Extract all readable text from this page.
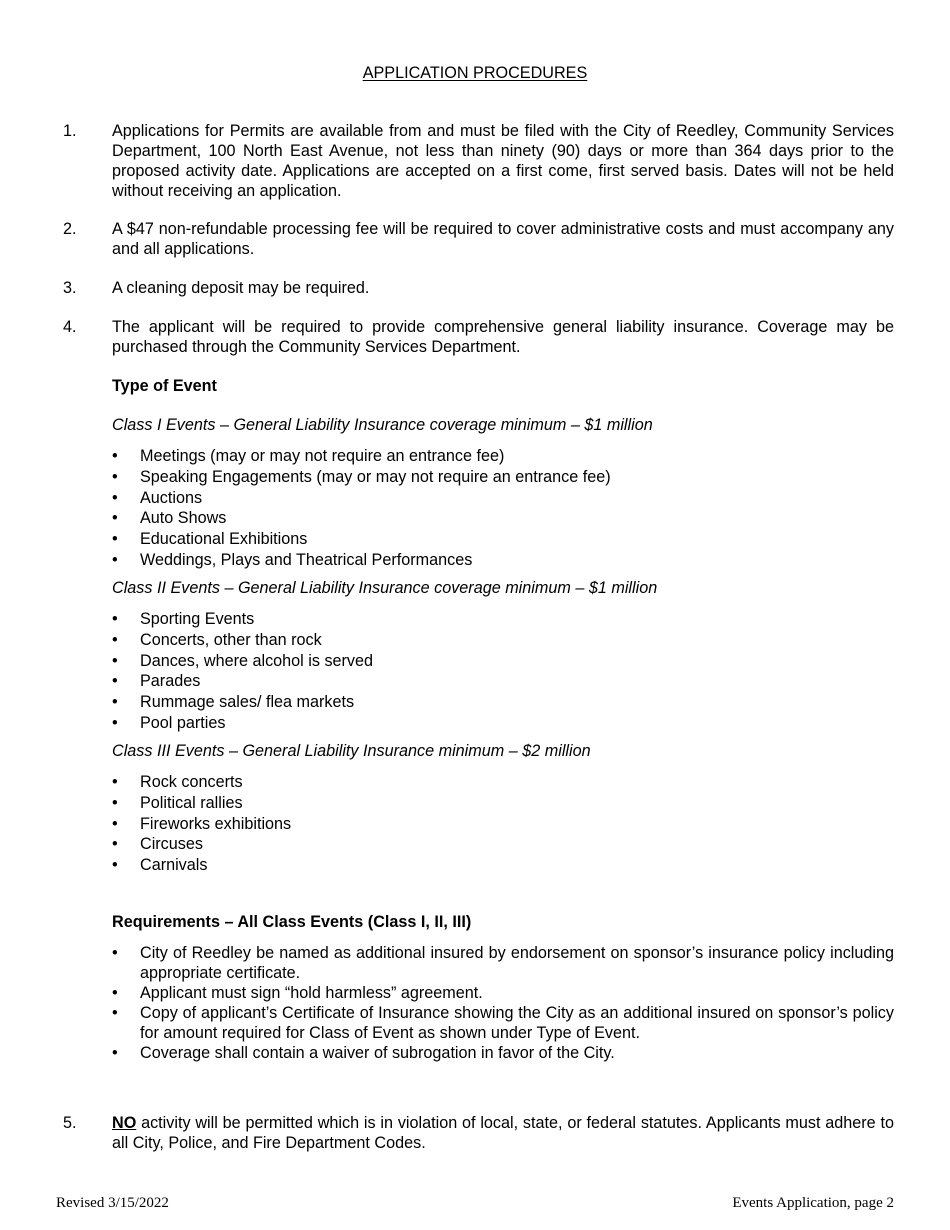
APPLICATION PROCEDURES
1. Applications for Permits are available from and must be filed with the City of Reedley, Community Services Department, 100 North East Avenue, not less than ninety (90) days or more than 364 days prior to the proposed activity date. Applications are accepted on a first come, first served basis. Dates will not be held without receiving an application.
2. A $47 non-refundable processing fee will be required to cover administrative costs and must accompany any and all applications.
3. A cleaning deposit may be required.
4. The applicant will be required to provide comprehensive general liability insurance. Coverage may be purchased through the Community Services Department.
Type of Event
Class I Events – General Liability Insurance coverage minimum – $1 million
• Meetings (may or may not require an entrance fee)
• Speaking Engagements (may or may not require an entrance fee)
• Auctions
• Auto Shows
• Educational Exhibitions
• Weddings, Plays and Theatrical Performances
Class II Events – General Liability Insurance coverage minimum – $1 million
• Sporting Events
• Concerts, other than rock
• Dances, where alcohol is served
• Parades
• Rummage sales/ flea markets
• Pool parties
Class III Events – General Liability Insurance minimum – $2 million
• Rock concerts
• Political rallies
• Fireworks exhibitions
• Circuses
• Carnivals
Requirements – All Class Events (Class I, II, III)
• City of Reedley be named as additional insured by endorsement on sponsor’s insurance policy including appropriate certificate.
• Applicant must sign “hold harmless” agreement.
• Copy of applicant’s Certificate of Insurance showing the City as an additional insured on sponsor’s policy for amount required for Class of Event as shown under Type of Event.
• Coverage shall contain a waiver of subrogation in favor of the City.
5. NO activity will be permitted which is in violation of local, state, or federal statutes. Applicants must adhere to all City, Police, and Fire Department Codes.
Revised 3/15/2022	Events Application, page 2
